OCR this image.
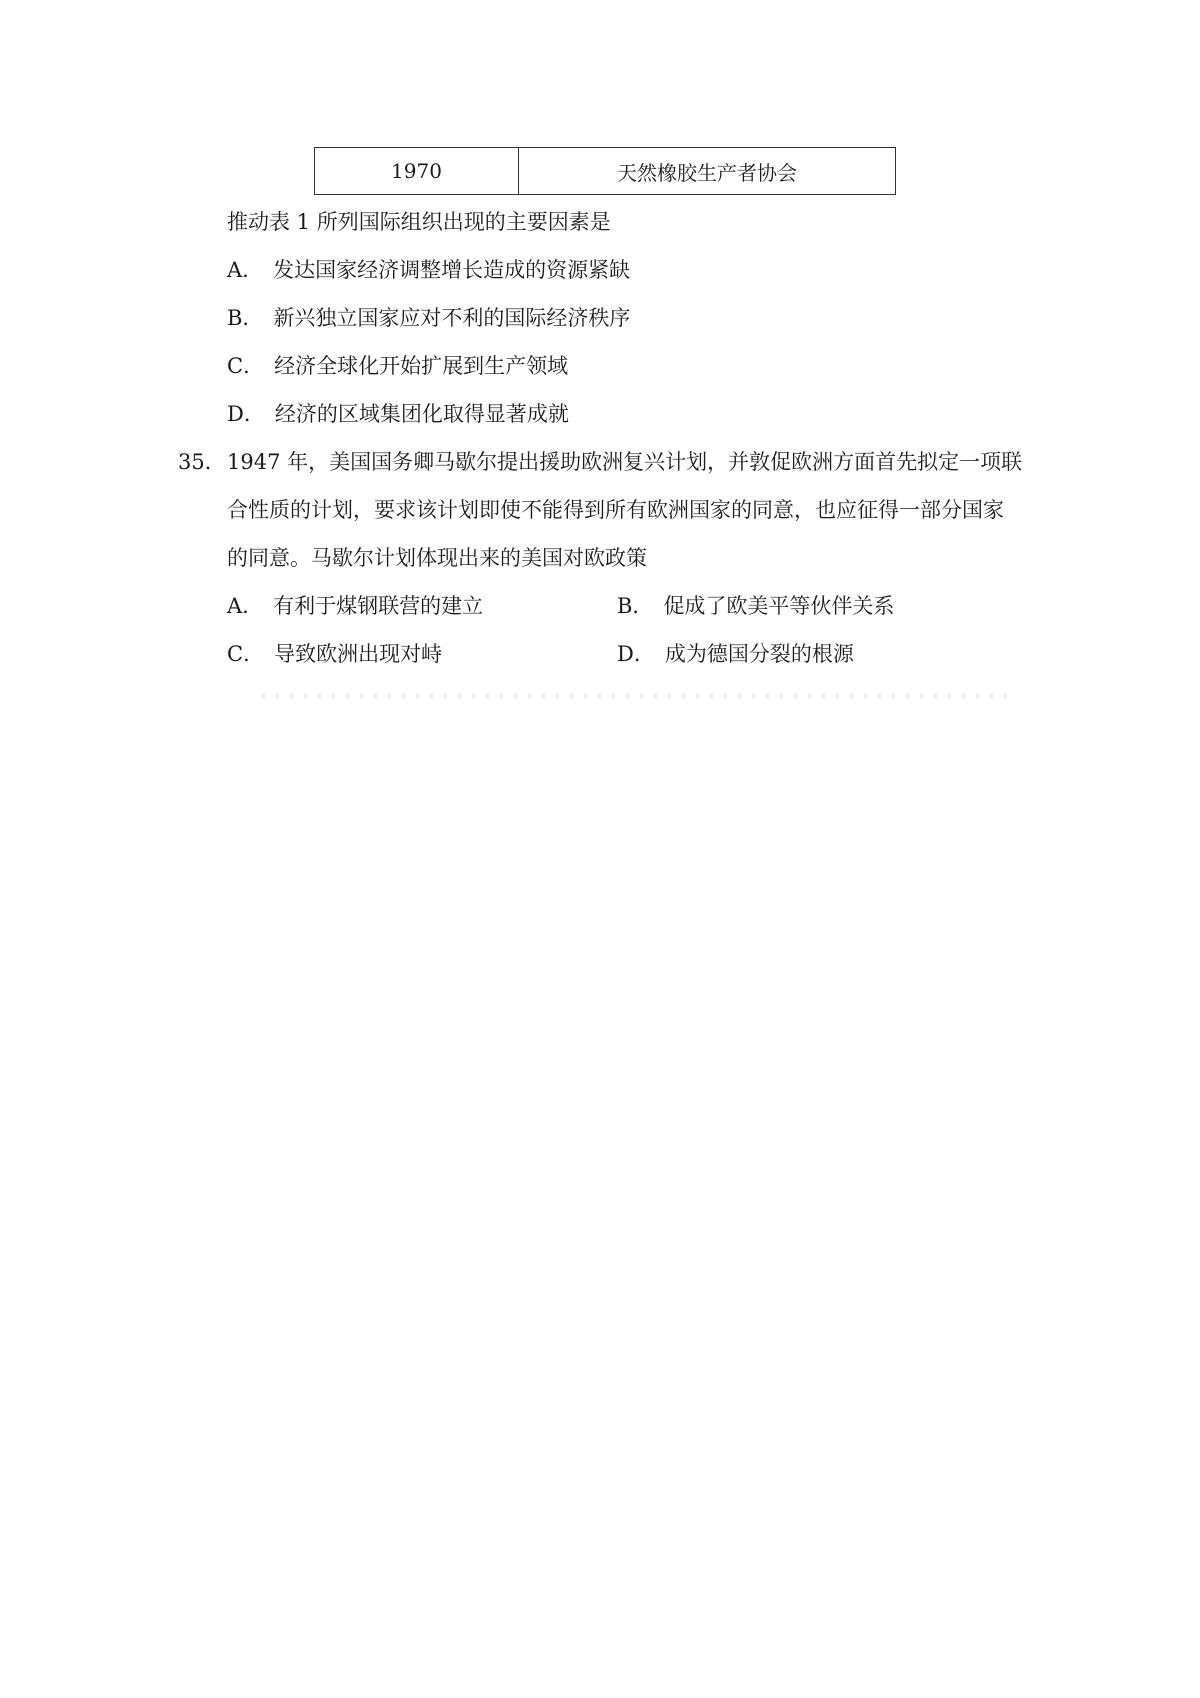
1970	天然橡胶生产者协会
推动表 1 所列国际组织出现的主要因素是
A． 发达国家经济调整增长造成的资源紧缺
B． 新兴独立国家应对不利的国际经济秩序
C． 经济全球化开始扩展到生产领域
D． 经济的区域集团化取得显著成就
35． 1947 年，美国国务卿马歇尔提出援助欧洲复兴计划，并敦促欧洲方面首先拟定一项联
合性质的计划，要求该计划即使不能得到所有欧洲国家的同意，也应征得一部分国家
的同意。马歇尔计划体现出来的美国对欧政策
A． 有利于煤钢联营的建立	B． 促成了欧美平等伙伴关系
C． 导致欧洲出现对峙	D． 成为德国分裂的根源
